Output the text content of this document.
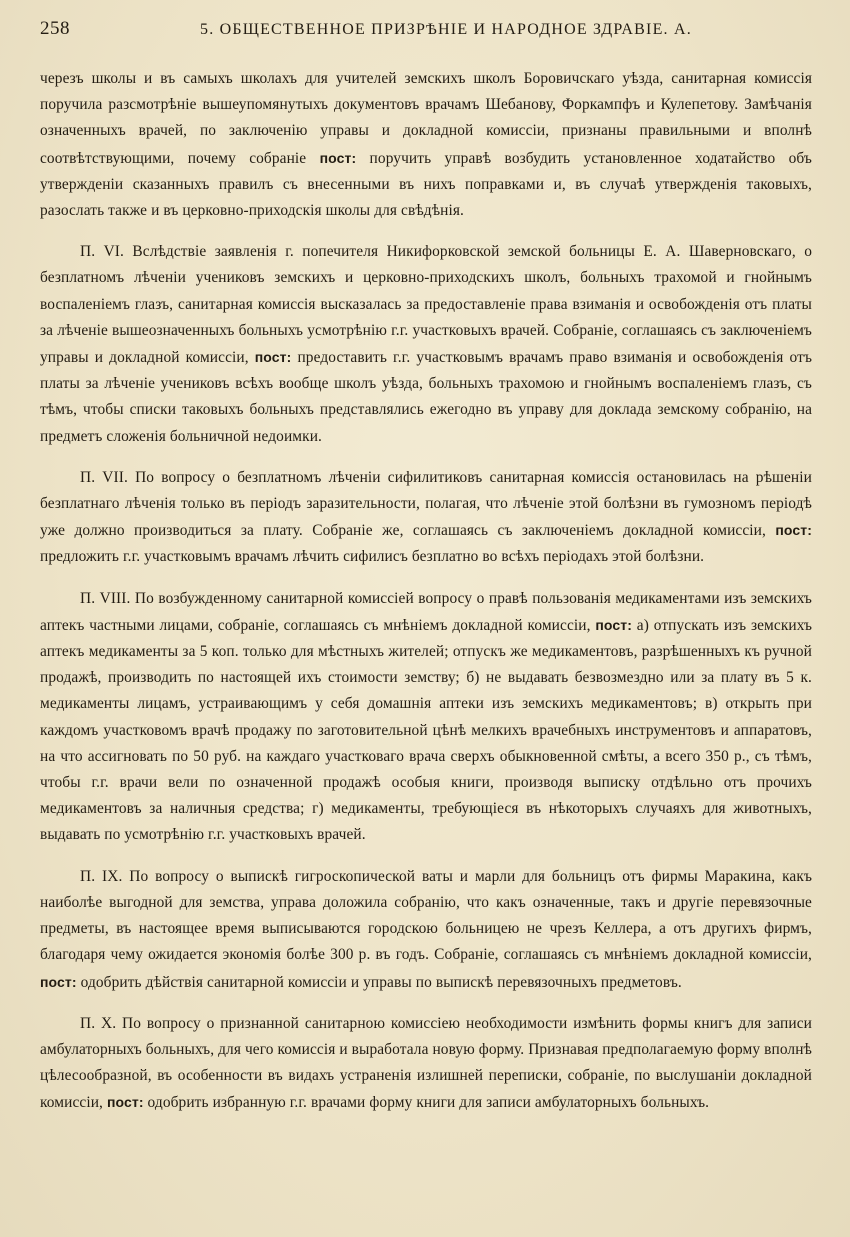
258	5. ОБЩЕСТВЕННОЕ ПРИЗРѢНІЕ И НАРОДНОЕ ЗДРАВІЕ. А.

черезъ школы и въ самыхъ школахъ для учителей земскихъ школъ Боровичскаго уѣзда, санитарная комиссія поручила разсмотрѣніе вышеупомянутыхъ документовъ врачамъ Шебанову, Форкампфъ и Кулепетову. Замѣчанія означенныхъ врачей, по заключенію управы и докладной комиссіи, признаны правильными и вполнѣ соотвѣтствующими, почему собраніе пост: поручить управѣ возбудить установленное ходатайство объ утвержденіи сказанныхъ правилъ съ внесенными въ нихъ поправками и, въ случаѣ утвержденія таковыхъ, разослать также и въ церковно-приходскія школы для свѣдѣнія.

П. VI. Вслѣдствіе заявленія г. попечителя Никифорковской земской больницы Е. А. Шаверновскаго, о безплатномъ лѣченіи учениковъ земскихъ и церковно-приходскихъ школъ, больныхъ трахомой и гнойнымъ воспаленіемъ глазъ, санитарная комиссія высказалась за предоставленіе права взиманія и освобожденія отъ платы за лѣченіе вышеозначенныхъ больныхъ усмотрѣнію г.г. участковыхъ врачей. Собраніе, соглашаясь съ заключеніемъ управы и докладной комиссіи, пост: предоставить г.г. участковымъ врачамъ право взиманія и освобожденія отъ платы за лѣченіе учениковъ всѣхъ вообще школъ уѣзда, больныхъ трахомою и гнойнымъ воспаленіемъ глазъ, съ тѣмъ, чтобы списки таковыхъ больныхъ представлялись ежегодно въ управу для доклада земскому собранію, на предметъ сложенія больничной недоимки.

П. VII. По вопросу о безплатномъ лѣченіи сифилитиковъ санитарная комиссія остановилась на рѣшеніи безплатнаго лѣченія только въ періодъ заразительности, полагая, что лѣченіе этой болѣзни въ гумозномъ періодѣ уже должно производиться за плату. Собраніе же, соглашаясь съ заключеніемъ докладной комиссіи, пост: предложить г.г. участковымъ врачамъ лѣчить сифилисъ безплатно во всѣхъ періодахъ этой болѣзни.

П. VIII. По возбужденному санитарной комиссіей вопросу о правѣ пользованія медикаментами изъ земскихъ аптекъ частными лицами, собраніе, соглашаясь съ мнѣніемъ докладной комиссіи, пост: а) отпускать изъ земскихъ аптекъ медикаменты за 5 коп. только для мѣстныхъ жителей; отпускъ же медикаментовъ, разрѣшенныхъ къ ручной продажѣ, производить по настоящей ихъ стоимости земству; б) не выдавать безвозмездно или за плату въ 5 к. медикаменты лицамъ, устраивающимъ у себя домашнія аптеки изъ земскихъ медикаментовъ; в) открыть при каждомъ участковомъ врачѣ продажу по заготовительной цѣнѣ мелкихъ врачебныхъ инструментовъ и аппаратовъ, на что ассигновать по 50 руб. на каждаго участковаго врача сверхъ обыкновенной смѣты, а всего 350 р., съ тѣмъ, чтобы г.г. врачи вели по означенной продажѣ особыя книги, производя выписку отдѣльно отъ прочихъ медикаментовъ за наличныя средства; г) медикаменты, требующіеся въ нѣкоторыхъ случаяхъ для животныхъ, выдавать по усмотрѣнію г.г. участковыхъ врачей.

П. IX. По вопросу о выпискѣ гигроскопической ваты и марли для больницъ отъ фирмы Маракина, какъ наиболѣе выгодной для земства, управа доложила собранію, что какъ означенные, такъ и другіе перевязочные предметы, въ настоящее время выписываются городскою больницею не чрезъ Келлера, а отъ другихъ фирмъ, благодаря чему ожидается экономія болѣе 300 р. въ годъ. Собраніе, соглашаясь съ мнѣніемъ докладной комиссіи, пост: одобрить дѣйствія санитарной комиссіи и управы по выпискѣ перевязочныхъ предметовъ.

П. X. По вопросу о признанной санитарною комиссіею необходимости измѣнить формы книгъ для записи амбулаторныхъ больныхъ, для чего комиссія и выработала новую форму. Признавая предполагаемую форму вполнѣ цѣлесообразной, въ особенности въ видахъ устраненія излишней переписки, собраніе, по выслушаніи докладной комиссіи, пост: одобрить избранную г.г. врачами форму книги для записи амбулаторныхъ больныхъ.
